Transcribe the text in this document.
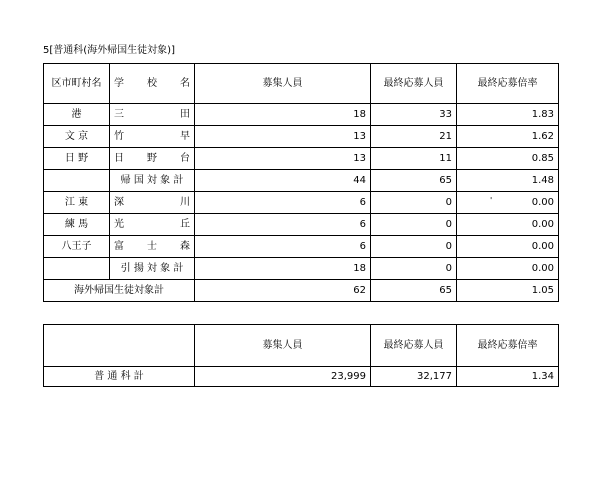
5[普通科(海外帰国生徒対象)]
区市町村名	学 校 名	募集人員	最終応募人員	最終応募倍率
港	三 田	18	33	1.83
文 京	竹 早	13	21	1.62
日 野	日 野 台	13	11	0.85
	帰 国 対 象 計	44	65	1.48
江 東	深 川	6	0	0.00
練 馬	光 丘	6	0	0.00
八王子	富 士 森	6	0	0.00
	引 揚 対 象 計	18	0	0.00
海外帰国生徒対象計		62	65	1.05
'
	募集人員	最終応募人員	最終応募倍率
普 通 科 計	23,999	32,177	1.34
